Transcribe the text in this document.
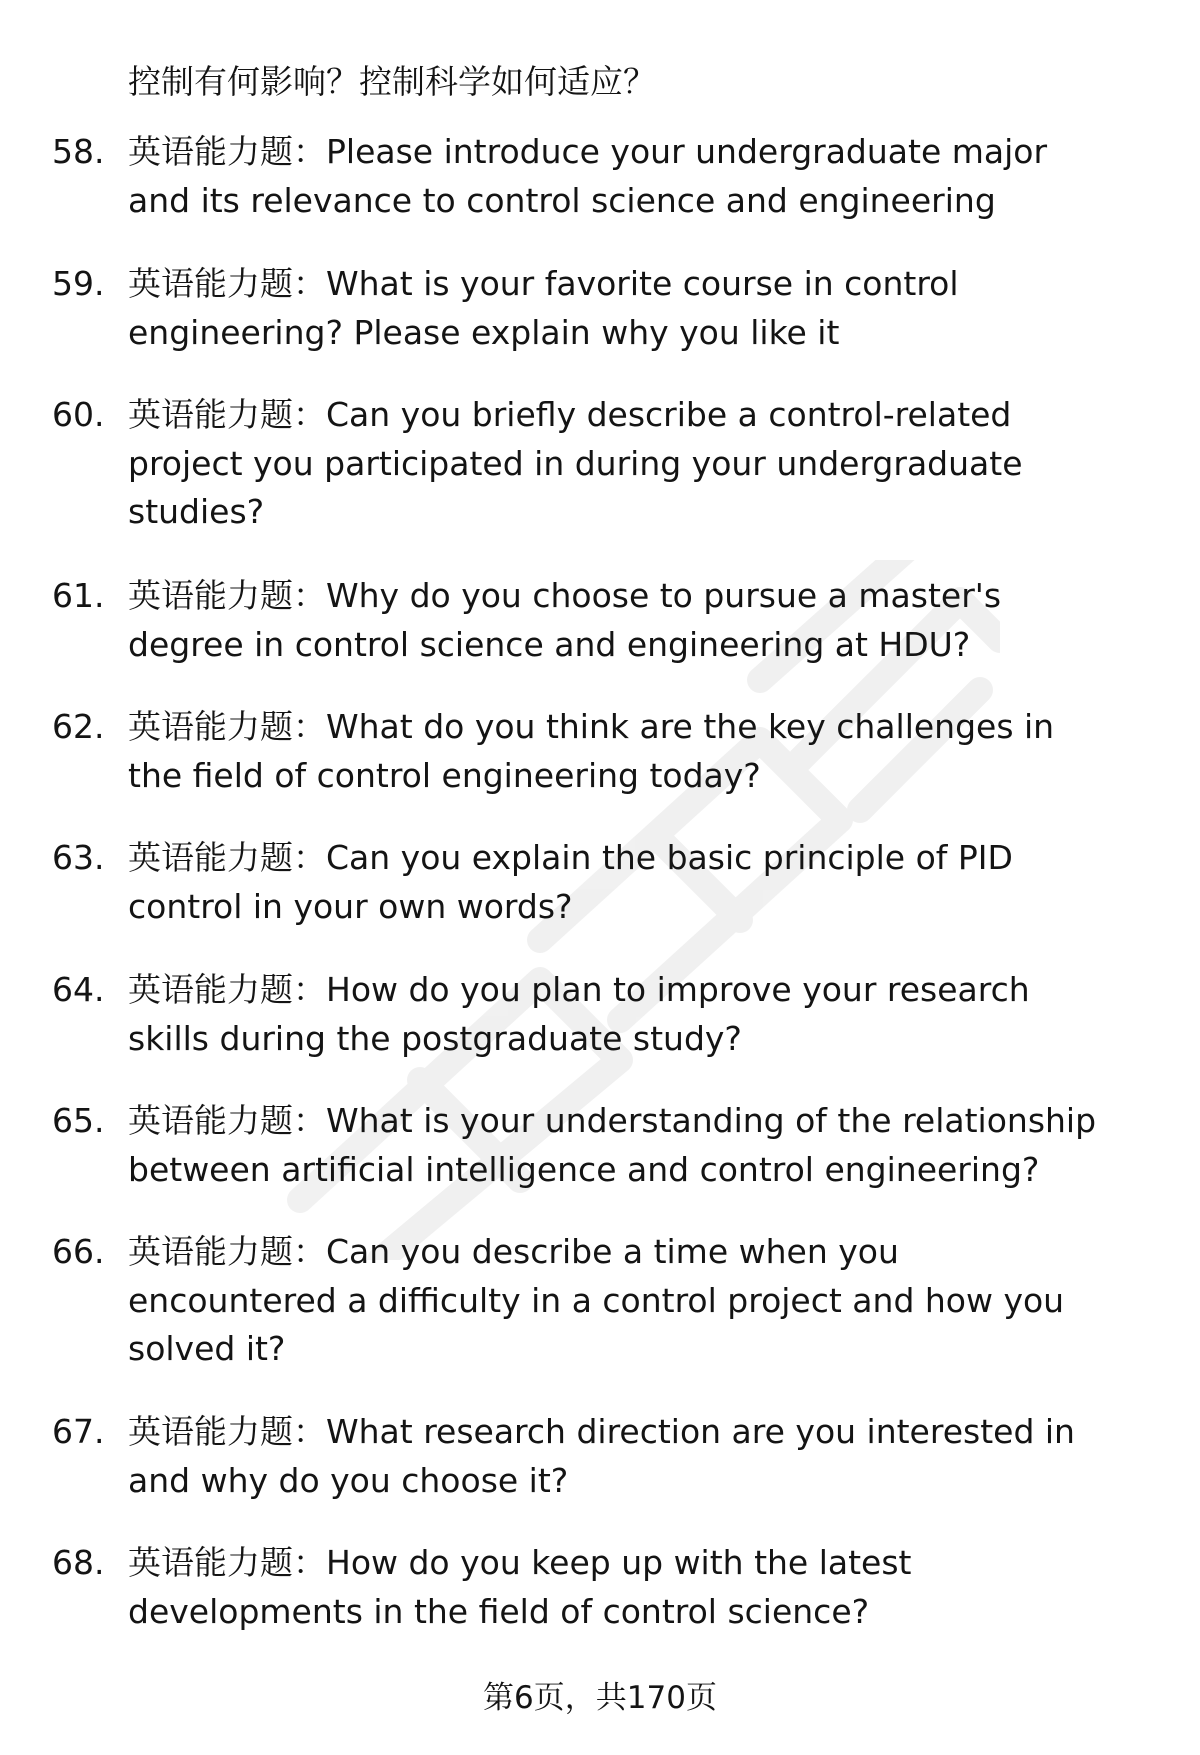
控制有何影响？控制科学如何适应？
58. 英语能力题：Please introduce your undergraduate major
and its relevance to control science and engineering
59. 英语能力题：What is your favorite course in control
engineering? Please explain why you like it
60. 英语能力题：Can you briefly describe a control-related
project you participated in during your undergraduate
studies?
61. 英语能力题：Why do you choose to pursue a master's
degree in control science and engineering at HDU?
62. 英语能力题：What do you think are the key challenges in
the field of control engineering today?
63. 英语能力题：Can you explain the basic principle of PID
control in your own words?
64. 英语能力题：How do you plan to improve your research
skills during the postgraduate study?
65. 英语能力题：What is your understanding of the relationship
between artificial intelligence and control engineering?
66. 英语能力题：Can you describe a time when you
encountered a difficulty in a control project and how you
solved it?
67. 英语能力题：What research direction are you interested in
and why do you choose it?
68. 英语能力题：How do you keep up with the latest
developments in the field of control science?
第6页，共170页
